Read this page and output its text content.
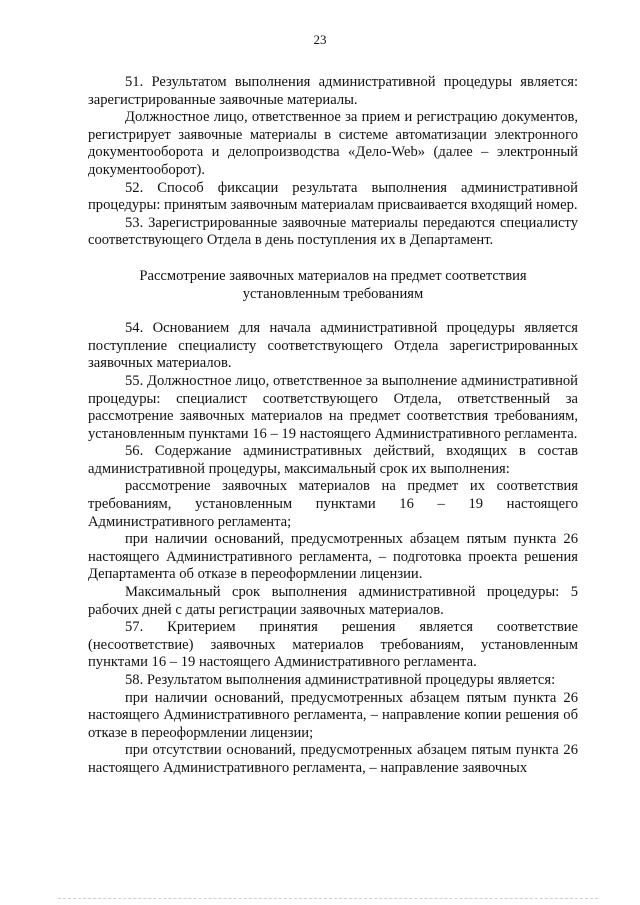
23

51. Результатом выполнения административной процедуры является: зарегистрированные заявочные материалы.

Должностное лицо, ответственное за прием и регистрацию документов, регистрирует заявочные материалы в системе автоматизации электронного документооборота и делопроизводства «Дело-Web» (далее – электронный документооборот).

52. Способ фиксации результата выполнения административной процедуры: принятым заявочным материалам присваивается входящий номер.

53. Зарегистрированные заявочные материалы передаются специалисту соответствующего Отдела в день поступления их в Департамент.

Рассмотрение заявочных материалов на предмет соответствия
установленным требованиям

54. Основанием для начала административной процедуры является поступление специалисту соответствующего Отдела зарегистрированных заявочных материалов.

55. Должностное лицо, ответственное за выполнение административной процедуры: специалист соответствующего Отдела, ответственный за рассмотрение заявочных материалов на предмет соответствия требованиям, установленным пунктами 16 – 19 настоящего Административного регламента.

56. Содержание административных действий, входящих в состав административной процедуры, максимальный срок их выполнения:

рассмотрение заявочных материалов на предмет их соответствия требованиям, установленным пунктами 16 – 19 настоящего Административного регламента;

при наличии оснований, предусмотренных абзацем пятым пункта 26 настоящего Административного регламента, – подготовка проекта решения Департамента об отказе в переоформлении лицензии.

Максимальный срок выполнения административной процедуры: 5 рабочих дней с даты регистрации заявочных материалов.

57. Критерием принятия решения является соответствие (несоответствие) заявочных материалов требованиям, установленным пунктами 16 – 19 настоящего Административного регламента.

58. Результатом выполнения административной процедуры является:

при наличии оснований, предусмотренных абзацем пятым пункта 26 настоящего Административного регламента, – направление копии решения об отказе в переоформлении лицензии;

при отсутствии оснований, предусмотренных абзацем пятым пункта 26 настоящего Административного регламента, – направление заявочных
